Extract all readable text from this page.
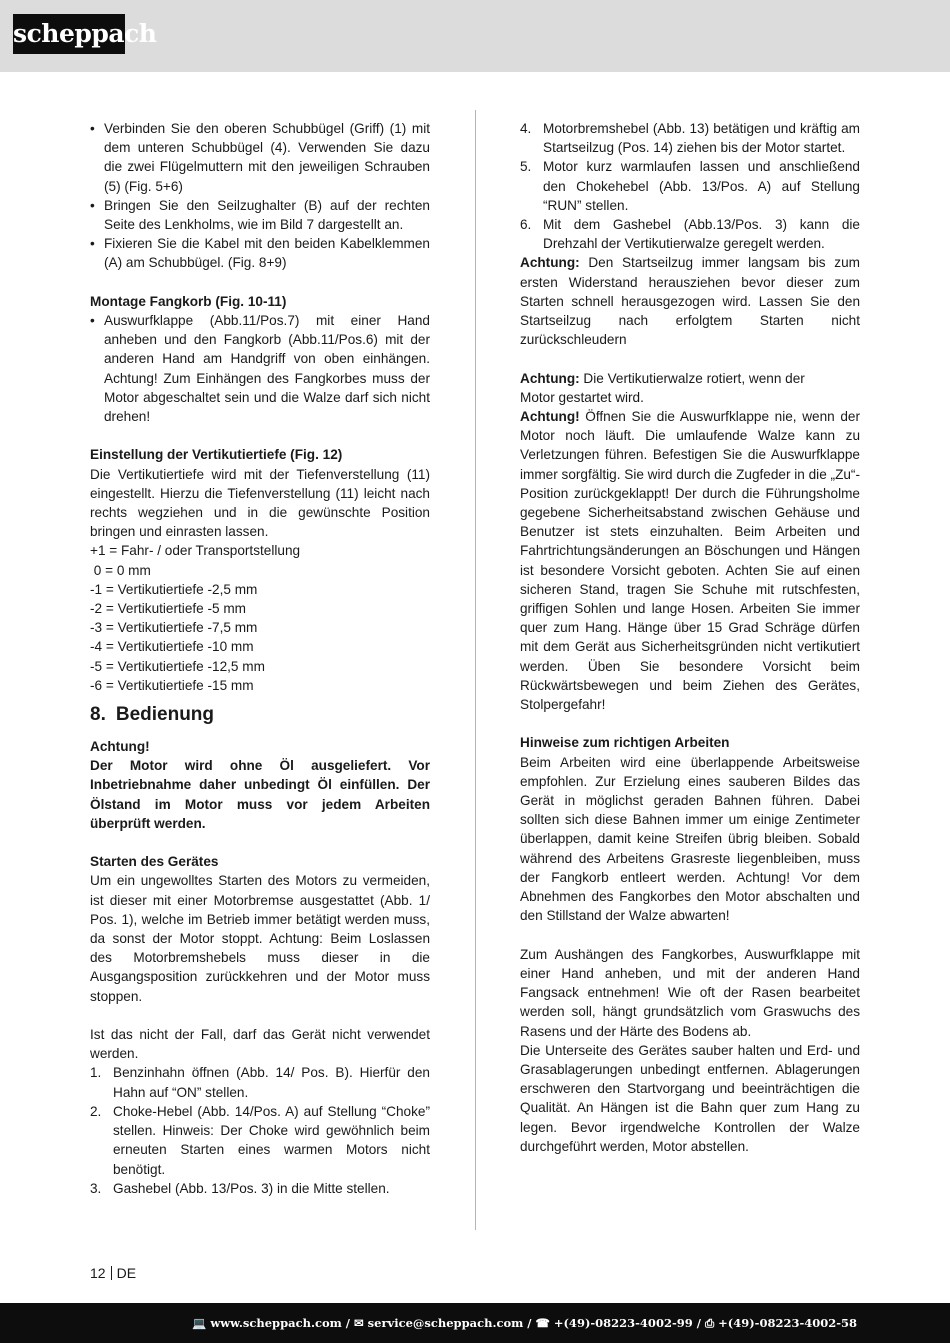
scheppach
• Verbinden Sie den oberen Schubbügel (Griff) (1) mit dem unteren Schubbügel (4). Verwenden Sie dazu die zwei Flügelmuttern mit den jeweiligen Schrauben (5) (Fig. 5+6)
• Bringen Sie den Seilzughalter (B) auf der rechten Seite des Lenkholms, wie im Bild 7 dargestellt an.
• Fixieren Sie die Kabel mit den beiden Kabelklemmen (A) am Schubbügel. (Fig. 8+9)

Montage Fangkorb (Fig. 10-11)

• Auswurfklappe (Abb.11/Pos.7) mit einer Hand anheben und den Fangkorb (Abb.11/Pos.6) mit der anderen Hand am Handgriff von oben einhängen. Achtung! Zum Einhängen des Fangkorbes muss der Motor abgeschaltet sein und die Walze darf sich nicht drehen!

Einstellung der Vertikutiertiefe (Fig. 12)

Die Vertikutiertiefe wird mit der Tiefenverstellung (11) eingestellt. Hierzu die Tiefenverstellung (11) leicht nach rechts wegziehen und in die gewünschte Position bringen und einrasten lassen.

+1 = Fahr- / oder Transportstellung
0 = 0 mm
-1 = Vertikutiertiefe -2,5 mm
-2 = Vertikutiertiefe -5 mm
-3 = Vertikutiertiefe -7,5 mm
-4 = Vertikutiertiefe -10 mm
-5 = Vertikutiertiefe -12,5 mm
-6 = Vertikutiertiefe -15 mm
8. Bedienung

Achtung!

Der Motor wird ohne Öl ausgeliefert. Vor Inbetriebnahme daher unbedingt Öl einfüllen. Der Ölstand im Motor muss vor jedem Arbeiten überprüft werden.

Starten des Gerätes

Um ein ungewolltes Starten des Motors zu vermeiden, ist dieser mit einer Motorbremse ausgestattet (Abb. 1/ Pos. 1), welche im Betrieb immer betätigt werden muss, da sonst der Motor stoppt. Achtung: Beim Loslassen des Motorbremshebels muss dieser in die Ausgangsposition zurückkehren und der Motor muss stoppen.

Ist das nicht der Fall, darf das Gerät nicht verwendet werden.

1. Benzinhahn öffnen (Abb. 14/ Pos. B). Hierfür den Hahn auf “ON” stellen.
2. Choke-Hebel (Abb. 14/Pos. A) auf Stellung “Choke” stellen. Hinweis: Der Choke wird gewöhnlich beim erneuten Starten eines warmen Motors nicht benötigt.
3. Gashebel (Abb. 13/Pos. 3) in die Mitte stellen.
4. Motorbremshebel (Abb. 13) betätigen und kräftig am Startseilzug (Pos. 14) ziehen bis der Motor startet.
5. Motor kurz warmlaufen lassen und anschließend den Chokehebel (Abb. 13/Pos. A) auf Stellung “RUN” stellen.
6. Mit dem Gashebel (Abb.13/Pos. 3) kann die Drehzahl der Vertikutierwalze geregelt werden.

Achtung: Den Startseilzug immer langsam bis zum ersten Widerstand herausziehen bevor dieser zum Starten schnell herausgezogen wird. Lassen Sie den Startseilzug nach erfolgtem Starten nicht zurückschleudern

Achtung: Die Vertikutierwalze rotiert, wenn der Motor gestartet wird.

Achtung! Öffnen Sie die Auswurfklappe nie, wenn der Motor noch läuft. Die umlaufende Walze kann zu Verletzungen führen. Befestigen Sie die Auswurfklappe immer sorgfältig. Sie wird durch die Zugfeder in die „Zu“-Position zurückgeklappt! Der durch die Führungsholme gegebene Sicherheitsabstand zwischen Gehäuse und Benutzer ist stets einzuhalten. Beim Arbeiten und Fahrtrichtungsänderungen an Böschungen und Hängen ist besondere Vorsicht geboten. Achten Sie auf einen sicheren Stand, tragen Sie Schuhe mit rutschfesten, griffigen Sohlen und lange Hosen. Arbeiten Sie immer quer zum Hang. Hänge über 15 Grad Schräge dürfen mit dem Gerät aus Sicherheitsgründen nicht vertikutiert werden. Üben Sie besondere Vorsicht beim Rückwärtsbewegen und beim Ziehen des Gerätes, Stolpergefahr!

Hinweise zum richtigen Arbeiten

Beim Arbeiten wird eine überlappende Arbeitsweise empfohlen. Zur Erzielung eines sauberen Bildes das Gerät in möglichst geraden Bahnen führen. Dabei sollten sich diese Bahnen immer um einige Zentimeter überlappen, damit keine Streifen übrig bleiben. Sobald während des Arbeitens Grasreste liegenbleiben, muss der Fangkorb entleert werden. Achtung! Vor dem Abnehmen des Fangkorbes den Motor abschalten und den Stillstand der Walze abwarten!

Zum Aushängen des Fangkorbes, Auswurfklappe mit einer Hand anheben, und mit der anderen Hand Fangsack entnehmen! Wie oft der Rasen bearbeitet werden soll, hängt grundsätzlich vom Graswuchs des Rasens und der Härte des Bodens ab.

Die Unterseite des Gerätes sauber halten und Erd- und Grasablagerungen unbedingt entfernen. Ablagerungen erschweren den Startvorgang und beeinträchtigen die Qualität. An Hängen ist die Bahn quer zum Hang zu legen. Bevor irgendwelche Kontrollen der Walze durchgeführt werden, Motor abstellen.

12 DE
💻 www.scheppach.com / ✉ service@scheppach.com / ☎ +(49)-08223-4002-99 / ⎙ +(49)-08223-4002-58
